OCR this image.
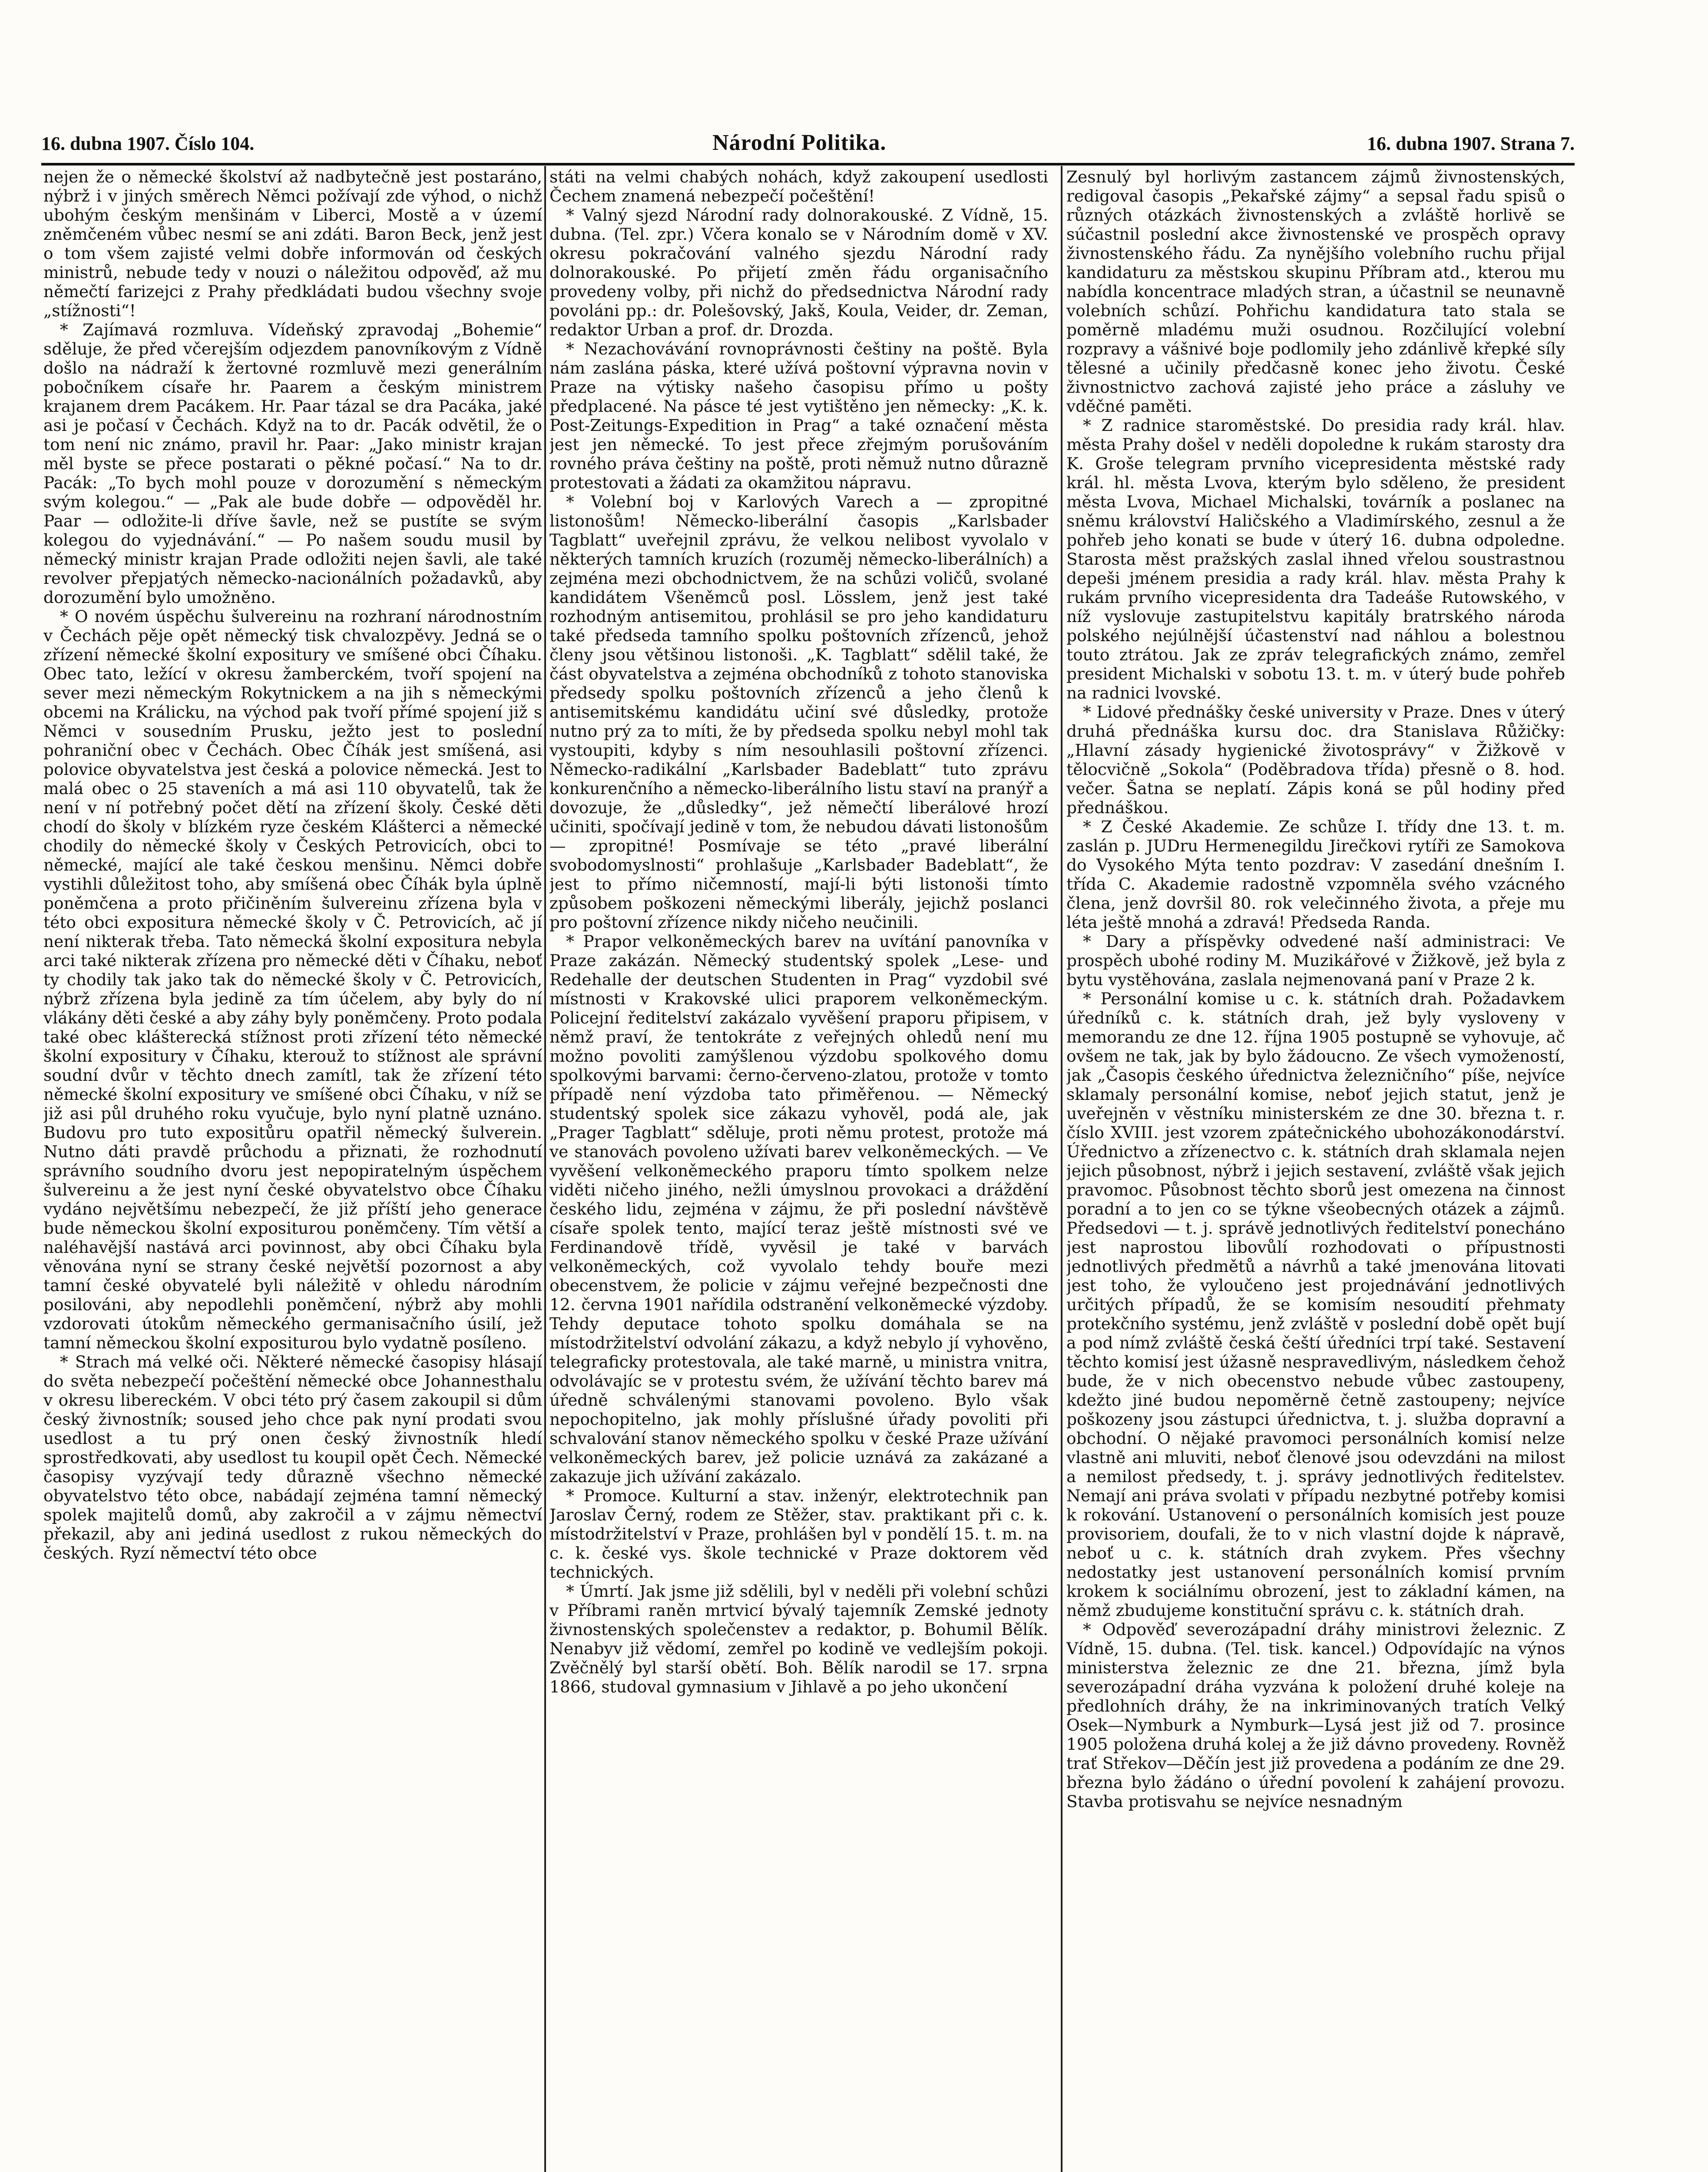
16. dubna 1907. Číslo 104.	Národní Politika.	16. dubna 1907. Strana 7.

nejen že o německé školství až nadbytečně jest postaráno, nýbrž i v jiných směrech Němci požívají zde výhod, o nichž ubohým českým menšinám v Liberci, Mostě a v území zněmčeném vůbec nesmí se ani zdáti. Baron Beck, jenž jest o tom všem zajisté velmi dobře informován od českých ministrů, nebude tedy v nouzi o náležitou odpověď, až mu němečtí farizejci z Prahy předkládati budou všechny svoje „stížnosti“!

* Zajímavá rozmluva. Vídeňský zpravodaj „Bohemie“ sděluje, že před včerejším odjezdem panovníkovým z Vídně došlo na nádraží k žertovné rozmluvě mezi generálním pobočníkem císaře hr. Paarem a českým ministrem krajanem drem Pacákem. Hr. Paar tázal se dra Pacáka, jaké asi je počasí v Čechách. Když na to dr. Pacák odvětil, že o tom není nic známo, pravil hr. Paar: „Jako ministr krajan měl byste se přece postarati o pěkné počasí.“ Na to dr. Pacák: „To bych mohl pouze v dorozumění s německým svým kolegou.“ — „Pak ale bude dobře — odpověděl hr. Paar — odložite-li dříve šavle, než se pustíte se svým kolegou do vyjednávání.“ — Po našem soudu musil by německý ministr krajan Prade odložiti nejen šavli, ale také revolver přepjatých německo-nacionálních požadavků, aby dorozumění bylo umožněno.

* O novém úspěchu šulvereinu na rozhraní národnostním v Čechách pěje opět německý tisk chvalozpěvy. Jedná se o zřízení německé školní expositury ve smíšené obci Číhaku. Obec tato, ležící v okresu žamberckém, tvoří spojení na sever mezi německým Rokytnickem a na jih s německými obcemi na Králicku, na východ pak tvoří přímé spojení již s Němci v sousedním Prusku, ježto jest to poslední pohraniční obec v Čechách. Obec Číhák jest smíšená, asi polovice obyvatelstva jest česká a polovice německá. Jest to malá obec o 25 staveních a má asi 110 obyvatelů, tak že není v ní potřebný počet dětí na zřízení školy. České děti chodí do školy v blízkém ryze českém Klášterci a německé chodily do německé školy v Českých Petrovicích, obci to německé, mající ale také českou menšinu. Němci dobře vystihli důležitost toho, aby smíšená obec Číhák byla úplně poněmčena a proto přičiněním šulvereinu zřízena byla v této obci expositura německé školy v Č. Petrovicích, ač jí není nikterak třeba. Tato německá školní expositura nebyla arci také nikterak zřízena pro německé děti v Číhaku, neboť ty chodily tak jako tak do německé školy v Č. Petrovicích, nýbrž zřízena byla jedině za tím účelem, aby byly do ní vlákány děti české a aby záhy byly poněmčeny. Proto podala také obec klášterecká stížnost proti zřízení této německé školní expositury v Číhaku, kterouž to stížnost ale správní soudní dvůr v těchto dnech zamítl, tak že zřízení této německé školní expositury ve smíšené obci Číhaku, v níž se již asi půl druhého roku vyučuje, bylo nyní platně uznáno. Budovu pro tuto expositůru opatřil německý šulverein. Nutno dáti pravdě průchodu a přiznati, že rozhodnutí správního soudního dvoru jest nepopiratelným úspěchem šulvereinu a že jest nyní české obyvatelstvo obce Číhaku vydáno největšímu nebezpečí, že již příští jeho generace bude německou školní expositurou poněmčeny. Tím větší a naléhavější nastává arci povinnost, aby obci Číhaku byla věnována nyní se strany české největší pozornost a aby tamní české obyvatelé byli náležitě v ohledu národním posilováni, aby nepodlehli poněmčení, nýbrž aby mohli vzdorovati útokům německého germanisačního úsilí, jež tamní německou školní expositurou bylo vydatně posíleno.

* Strach má velké oči. Některé německé časopisy hlásají do světa nebezpečí počeštění německé obce Johannesthalu v okresu libereckém. V obci této prý časem zakoupil si dům český živnostník; soused jeho chce pak nyní prodati svou usedlost a tu prý onen český živnostník hledí sprostředkovati, aby usedlost tu koupil opět Čech. Německé časopisy vyzývají tedy důrazně všechno německé obyvatelstvo této obce, nabádají zejména tamní německý spolek majitelů domů, aby zakročil a v zájmu němectví překazil, aby ani jediná usedlost z rukou německých do českých. Ryzí němectví této obce

státi na velmi chabých nohách, když zakoupení usedlosti Čechem znamená nebezpečí počeštění!

* Valný sjezd Národní rady dolnorakouské. Z Vídně, 15. dubna. (Tel. zpr.) Včera konalo se v Národním domě v XV. okresu pokračování valného sjezdu Národní rady dolnorakouské. Po přijetí změn řádu organisačního provedeny volby, při nichž do předsednictva Národní rady povoláni pp.: dr. Polešovský, Jakš, Koula, Veider, dr. Zeman, redaktor Urban a prof. dr. Drozda.

* Nezachovávání rovnoprávnosti češtiny na poště. Byla nám zaslána páska, které užívá poštovní výpravna novin v Praze na výtisky našeho časopisu přímo u pošty předplacené. Na pásce té jest vytištěno jen německy: „K. k. Post-Zeitungs-Expedition in Prag“ a také označení města jest jen německé. To jest přece zřejmým porušováním rovného práva češtiny na poště, proti němuž nutno důrazně protestovati a žádati za okamžitou nápravu.

* Volební boj v Karlových Varech a — zpropitné listonošům! Německo-liberální časopis „Karlsbader Tagblatt“ uveřejnil zprávu, že velkou nelibost vyvolalo v některých tamních kruzích (rozuměj německo-liberálních) a zejména mezi obchodnictvem, že na schůzi voličů, svolané kandidátem Všeněmců posl. Lösslem, jenž jest také rozhodným antisemitou, prohlásil se pro jeho kandidaturu také předseda tamního spolku poštovních zřízenců, jehož členy jsou většinou listonoši. „K. Tagblatt“ sdělil také, že část obyvatelstva a zejména obchodníků z tohoto stanoviska předsedy spolku poštovních zřízenců a jeho členů k antisemitskému kandidátu učiní své důsledky, protože nutno prý za to míti, že by předseda spolku nebyl mohl tak vystoupiti, kdyby s ním nesouhlasili poštovní zřízenci. Německo-radikální „Karlsbader Badeblatt“ tuto zprávu konkurenčního a německo-liberálního listu staví na pranýř a dovozuje, že „důsledky“, jež němečtí liberálové hrozí učiniti, spočívají jedině v tom, že nebudou dávati listonošům — zpropitné! Posmívaje se této „pravé liberální svobodomyslnosti“ prohlašuje „Karlsbader Badeblatt“, že jest to přímo ničemností, mají-li býti listonoši tímto způsobem poškozeni německými liberály, jejichž poslanci pro poštovní zřízence nikdy ničeho neučinili.

* Prapor velkoněmeckých barev na uvítání panovníka v Praze zakázán. Německý studentský spolek „Lese- und Redehalle der deutschen Studenten in Prag“ vyzdobil své místnosti v Krakovské ulici praporem velkoněmeckým. Policejní ředitelství zakázalo vyvěšení praporu připisem, v němž praví, že tentokráte z veřejných ohledů není mu možno povoliti zamýšlenou výzdobu spolkového domu spolkovými barvami: černo-červeno-zlatou, protože v tomto případě není výzdoba tato přiměřenou. — Německý studentský spolek sice zákazu vyhověl, podá ale, jak „Prager Tagblatt“ sděluje, proti němu protest, protože má ve stanovách povoleno užívati barev velkoněmeckých. — Ve vyvěšení velkoněmeckého praporu tímto spolkem nelze viděti ničeho jiného, nežli úmyslnou provokaci a dráždění českého lidu, zejména v zájmu, že při poslední návštěvě císaře spolek tento, mající teraz ještě místnosti své ve Ferdinandově třídě, vyvěsil je také v barvách velkoněmeckých, což vyvolalo tehdy bouře mezi obecenstvem, že policie v zájmu veřejné bezpečnosti dne 12. června 1901 nařídila odstranění velkoněmecké výzdoby. Tehdy deputace tohoto spolku domáhala se na místodržitelství odvolání zákazu, a když nebylo jí vyhověno, telegraficky protestovala, ale také marně, u ministra vnitra, odvolávajíc se v protestu svém, že užívání těchto barev má úředně schválenými stanovami povoleno. Bylo však nepochopitelno, jak mohly příslušné úřady povoliti při schvalování stanov německého spolku v české Praze užívání velkoněmeckých barev, jež policie uznává za zakázané a zakazuje jich užívání zakázalo.

* Promoce. Kulturní a stav. inženýr, elektrotechnik pan Jaroslav Černý, rodem ze Stěžer, stav. praktikant při c. k. místodržitelství v Praze, prohlášen byl v pondělí 15. t. m. na c. k. české vys. škole technické v Praze doktorem věd technických.

* Úmrtí. Jak jsme již sdělili, byl v neděli při volební schůzi v Příbrami raněn mrtvicí bývalý tajemník Zemské jednoty živnostenských společenstev a redaktor, p. Bohumil Bělík. Nenabyv již vědomí, zemřel po kodině ve vedlejším pokoji. Zvěčnělý byl starší obětí. Boh. Bělík narodil se 17. srpna 1866, studoval gymnasium v Jihlavě a po jeho ukončení

Zesnulý byl horlivým zastancem zájmů živnostenských, redigoval časopis „Pekařské zájmy“ a sepsal řadu spisů o různých otázkách živnostenských a zvláště horlivě se súčastnil poslední akce živnostenské ve prospěch opravy živnostenského řádu. Za nynějšího volebního ruchu přijal kandidaturu za městskou skupinu Příbram atd., kterou mu nabídla koncentrace mladých stran, a účastnil se neunavně volebních schůzí. Pohřichu kandidatura tato stala se poměrně mladému muži osudnou. Rozčilující volební rozpravy a vášnivé boje podlomily jeho zdánlivě křepké síly tělesné a učinily předčasně konec jeho životu. České živnostnictvo zachová zajisté jeho práce a zásluhy ve vděčné paměti.

* Z radnice staroměstské. Do presidia rady král. hlav. města Prahy došel v neděli dopoledne k rukám starosty dra K. Groše telegram prvního vicepresidenta městské rady král. hl. města Lvova, kterým bylo sděleno, že president města Lvova, Michael Michalski, továrník a poslanec na sněmu království Haličského a Vladimírského, zesnul a že pohřeb jeho konati se bude v úterý 16. dubna odpoledne. Starosta měst pražských zaslal ihned vřelou soustrastnou depeši jménem presidia a rady král. hlav. města Prahy k rukám prvního vicepresidenta dra Tadeáše Rutowského, v níž vyslovuje zastupitelstvu kapitály bratrského národa polského nejúlnější účastenství nad náhlou a bolestnou touto ztrátou. Jak ze zpráv telegrafických známo, zemřel president Michalski v sobotu 13. t. m. v úterý bude pohřeb na radnici lvovské.

* Lidové přednášky české university v Praze. Dnes v úterý druhá přednáška kursu doc. dra Stanislava Růžičky: „Hlavní zásady hygienické životosprávy“ v Žižkově v tělocvičně „Sokola“ (Poděbradova třída) přesně o 8. hod. večer. Šatna se neplatí. Zápis koná se půl hodiny před přednáškou.

* Z České Akademie. Ze schůze I. třídy dne 13. t. m. zaslán p. JUDru Hermenegildu Jirečkovi rytíři ze Samokova do Vysokého Mýta tento pozdrav: V zasedání dnešním I. třída C. Akademie radostně vzpomněla svého vzácného člena, jenž dovršil 80. rok velečinného života, a přeje mu léta ještě mnohá a zdravá! Předseda Randa.

* Dary a příspěvky odvedené naší administraci: Ve prospěch ubohé rodiny M. Muzikářové v Žižkově, jež byla z bytu vystěhována, zaslala nejmenovaná paní v Praze 2 k.

* Personální komise u c. k. státních drah. Požadavkem úředníků c. k. státních drah, jež byly vysloveny v memorandu ze dne 12. října 1905 postupně se vyhovuje, ač ovšem ne tak, jak by bylo žádoucno. Ze všech vymožeností, jak „Časopis českého úřednictva železničního“ píše, nejvíce sklamaly personální komise, neboť jejich statut, jenž je uveřejněn v věstníku ministerském ze dne 30. března t. r. číslo XVIII. jest vzorem zpátečnického ubohozákonodárství. Úřednictvo a zřízenectvo c. k. státních drah sklamala nejen jejich působnost, nýbrž i jejich sestavení, zvláště však jejich pravomoc. Působnost těchto sborů jest omezena na činnost poradní a to jen co se týkne všeobecných otázek a zájmů. Předsedovi — t. j. správě jednotlivých ředitelství ponecháno jest naprostou libovůlí rozhodovati o přípustnosti jednotlivých předmětů a návrhů a také jmenována litovati jest toho, že vyloučeno jest projednávání jednotlivých určitých případů, že se komisím nesoudití přehmaty protekčního systému, jenž zvláště v poslední době opět bují a pod nímž zvláště česká čeští úředníci trpí také. Sestavení těchto komisí jest úžasně nespravedlivým, následkem čehož bude, že v nich obecenstvo nebude vůbec zastoupeny, kdežto jiné budou nepoměrně četně zastoupeny; nejvíce poškozeny jsou zástupci úřednictva, t. j. služba dopravní a obchodní. O nějaké pravomoci personálních komisí nelze vlastně ani mluviti, neboť členové jsou odevzdáni na milost a nemilost předsedy, t. j. správy jednotlivých ředitelstev. Nemají ani práva svolati v případu nezbytné potřeby komisi k rokování. Ustanovení o personálních komisích jest pouze provisoriem, doufali, že to v nich vlastní dojde k nápravě, neboť u c. k. státních drah zvykem. Přes všechny nedostatky jest ustanovení personálních komisí prvním krokem k sociálnímu obrození, jest to základní kámen, na němž zbudujeme konstituční správu c. k. státních drah.

* Odpověď severozápadní dráhy ministrovi železnic. Z Vídně, 15. dubna. (Tel. tisk. kancel.) Odpovídajíc na výnos ministerstva železnic ze dne 21. března, jímž byla severozápadní dráha vyzvána k položení druhé koleje na předlohních dráhy, že na inkriminovaných tratích Velký Osek—Nymburk a Nymburk—Lysá jest již od 7. prosince 1905 položena druhá kolej a že již dávno provedeny. Rovněž trať Střekov—Děčín jest již provedena a podáním ze dne 29. března bylo žádáno o úřední povolení k zahájení provozu. Stavba protisvahu se nejvíce nesnadným
